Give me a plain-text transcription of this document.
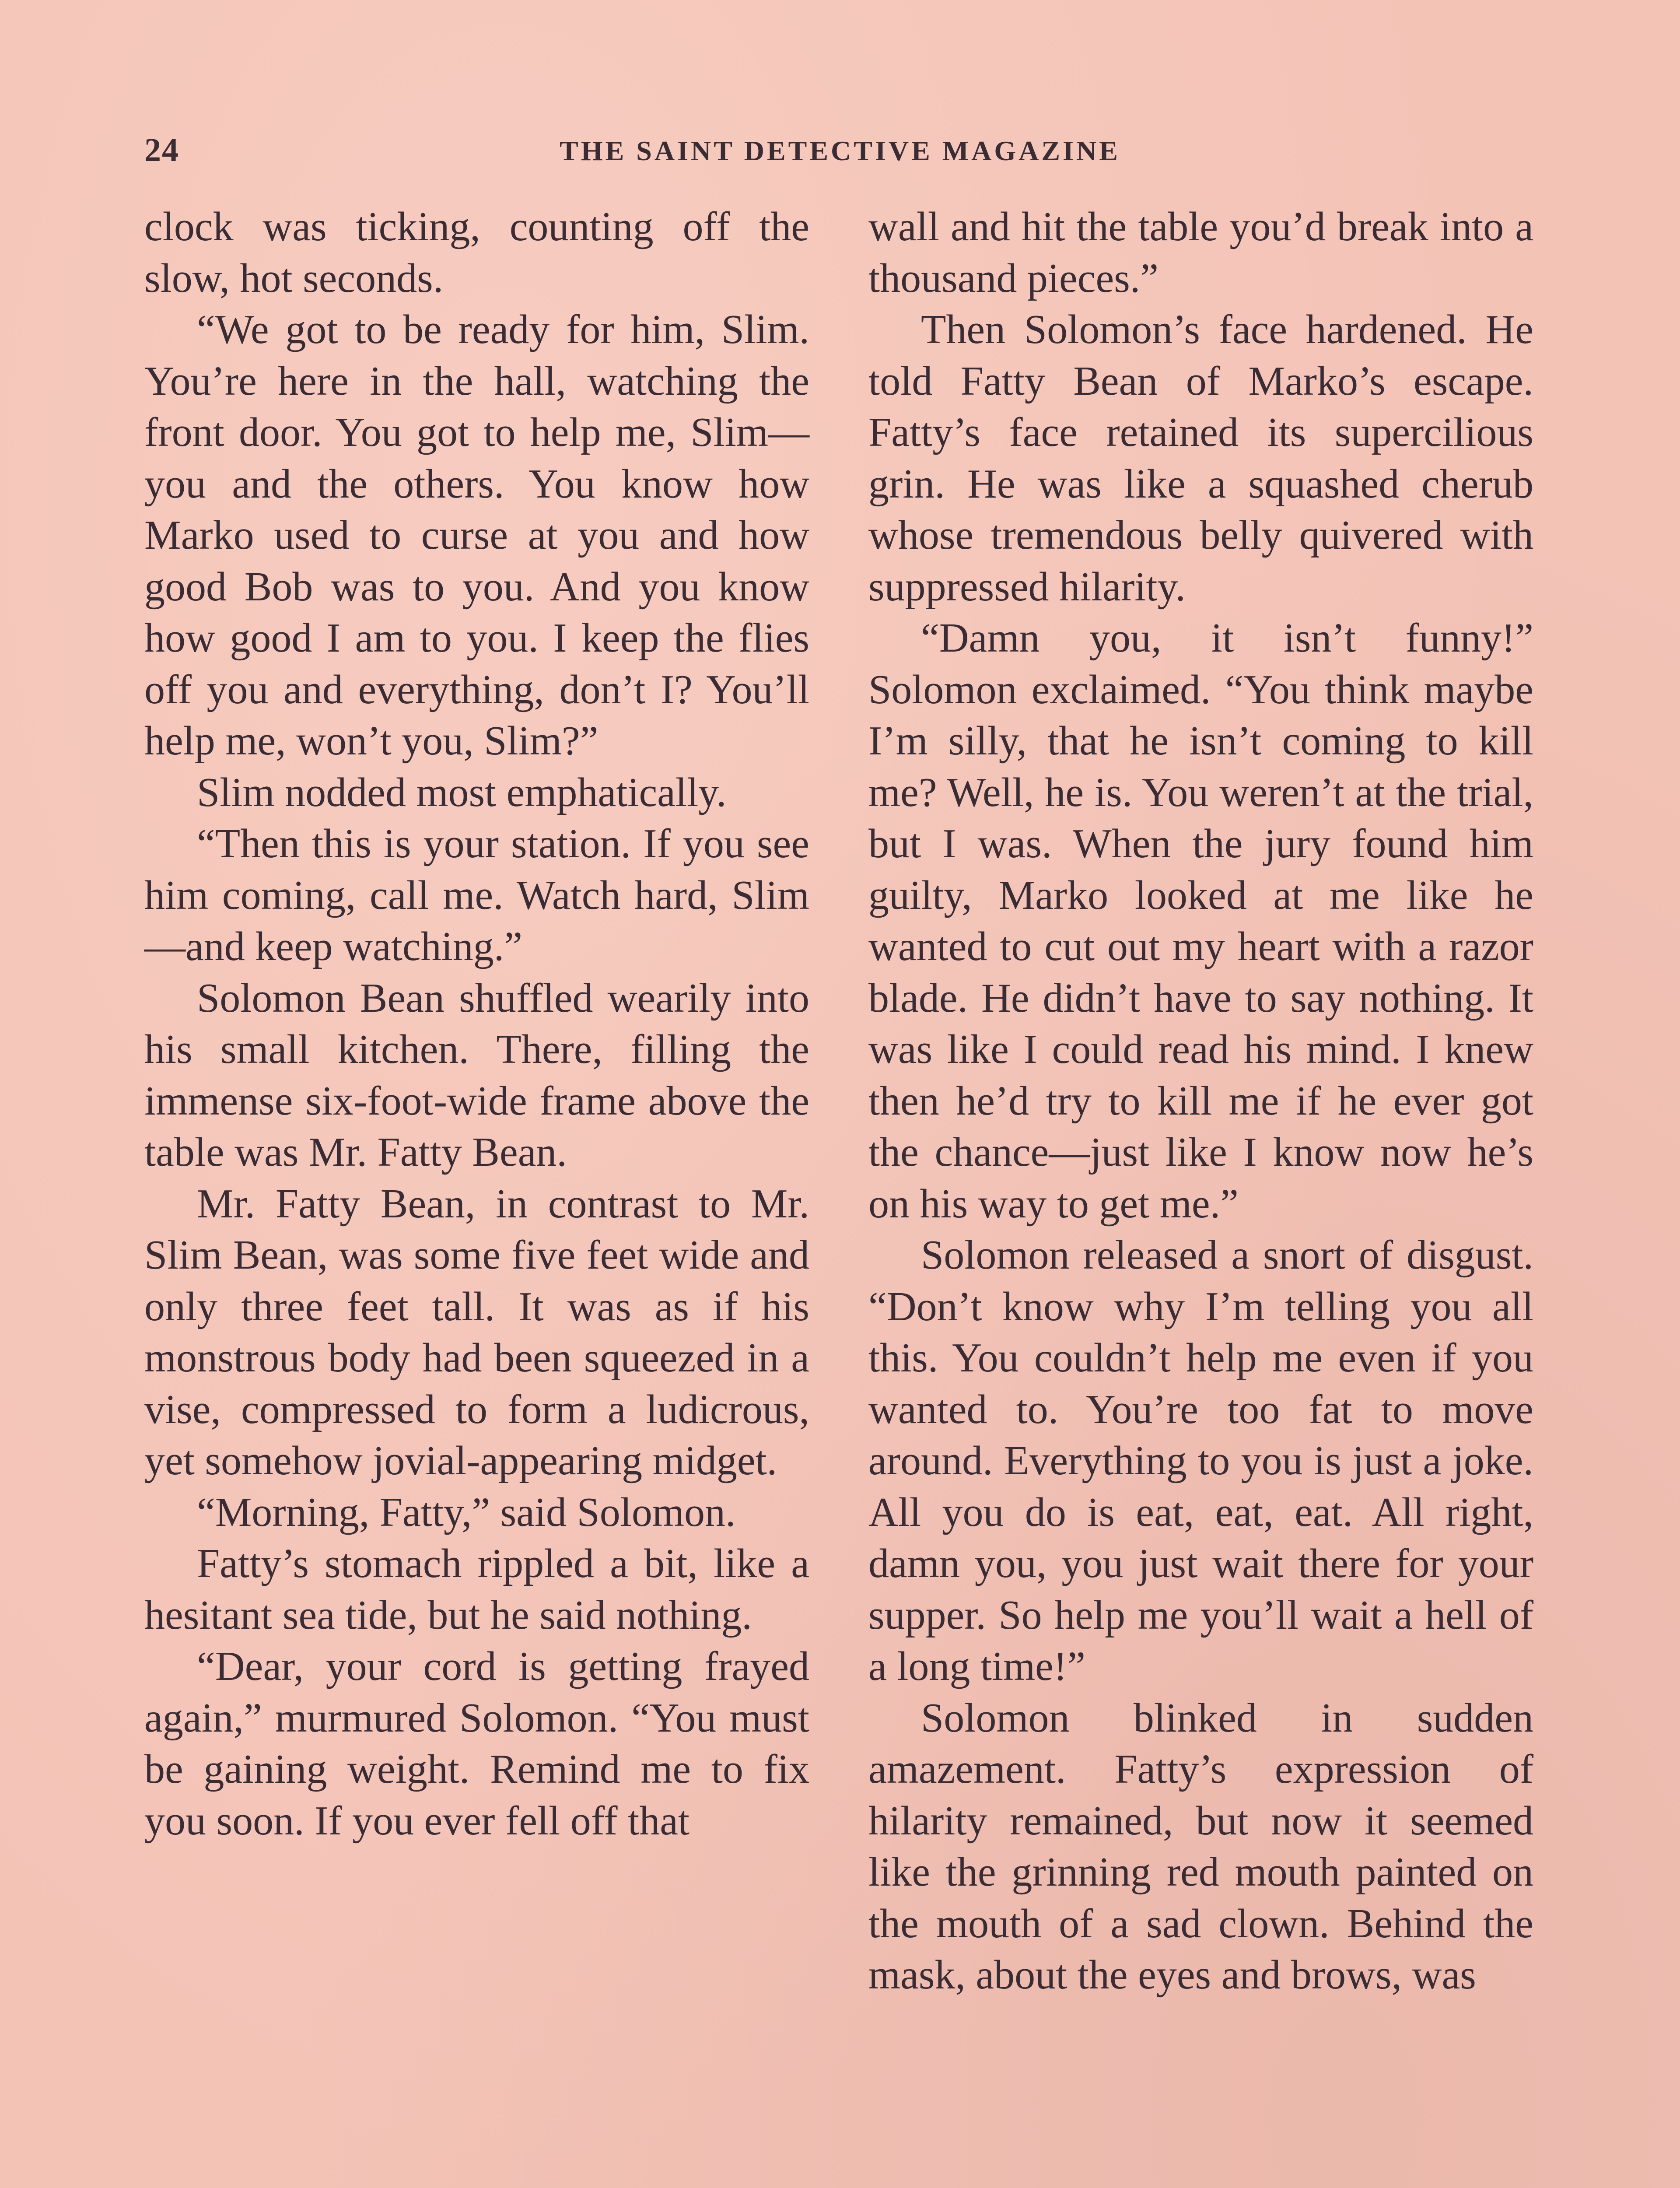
24	THE SAINT DETECTIVE MAGAZINE

clock was ticking, counting off the slow, hot seconds.

“We got to be ready for him, Slim. You’re here in the hall, watching the front door. You got to help me, Slim—you and the others. You know how Marko used to curse at you and how good Bob was to you. And you know how good I am to you. I keep the flies off you and everything, don’t I? You’ll help me, won’t you, Slim?”

Slim nodded most emphatically.

“Then this is your station. If you see him coming, call me. Watch hard, Slim—and keep watching.”

Solomon Bean shuffled wearily into his small kitchen. There, filling the immense six-foot-wide frame above the table was Mr. Fatty Bean.

Mr. Fatty Bean, in contrast to Mr. Slim Bean, was some five feet wide and only three feet tall. It was as if his monstrous body had been squeezed in a vise, compressed to form a ludicrous, yet somehow jovial-appearing midget.

“Morning, Fatty,” said Solomon.

Fatty’s stomach rippled a bit, like a hesitant sea tide, but he said nothing.

“Dear, your cord is getting frayed again,” murmured Solomon. “You must be gaining weight. Remind me to fix you soon. If you ever fell off that

wall and hit the table you’d break into a thousand pieces.”

Then Solomon’s face hardened. He told Fatty Bean of Marko’s escape. Fatty’s face retained its supercilious grin. He was like a squashed cherub whose tremendous belly quivered with suppressed hilarity.

“Damn you, it isn’t funny!” Solomon exclaimed. “You think maybe I’m silly, that he isn’t coming to kill me? Well, he is. You weren’t at the trial, but I was. When the jury found him guilty, Marko looked at me like he wanted to cut out my heart with a razor blade. He didn’t have to say nothing. It was like I could read his mind. I knew then he’d try to kill me if he ever got the chance—just like I know now he’s on his way to get me.”

Solomon released a snort of disgust. “Don’t know why I’m telling you all this. You couldn’t help me even if you wanted to. You’re too fat to move around. Everything to you is just a joke. All you do is eat, eat, eat. All right, damn you, you just wait there for your supper. So help me you’ll wait a hell of a long time!”

Solomon blinked in sudden amazement. Fatty’s expression of hilarity remained, but now it seemed like the grinning red mouth painted on the mouth of a sad clown. Behind the mask, about the eyes and brows, was
